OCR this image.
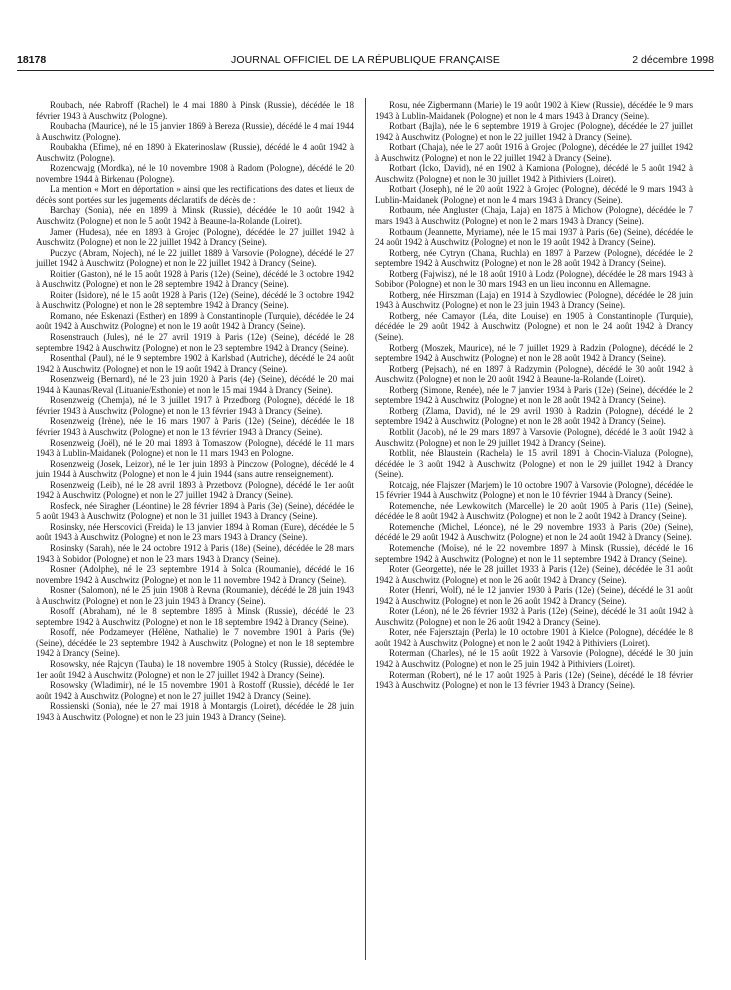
18178	JOURNAL OFFICIEL DE LA RÉPUBLIQUE FRANÇAISE	2 décembre 1998

Roubach, née Rabroff (Rachel) le 4 mai 1880 à Pinsk (Russie), décédée le 18 février 1943 à Auschwitz (Pologne).

Roubacha (Maurice), né le 15 janvier 1869 à Bereza (Russie), décédé le 4 mai 1944 à Auschwitz (Pologne).

Roubakha (Efime), né en 1890 à Ekaterinoslaw (Russie), décédé le 4 août 1942 à Auschwitz (Pologne).

Rozencwajg (Mordka), né le 10 novembre 1908 à Radom (Pologne), décédé le 20 novembre 1944 à Birkenau (Pologne).

La mention « Mort en déportation » ainsi que les rectifications des dates et lieux de décès sont portées sur les jugements déclaratifs de décès de :

Barchay (Sonia), née en 1899 à Minsk (Russie), décédée le 10 août 1942 à Auschwitz (Pologne) et non le 5 août 1942 à Beaune-la-Rolande (Loiret).

Jamer (Hudesa), née en 1893 à Grojec (Pologne), décédée le 27 juillet 1942 à Auschwitz (Pologne) et non le 22 juillet 1942 à Drancy (Seine).

Puczyc (Abram, Nojech), né le 22 juillet 1889 à Varsovie (Pologne), décédé le 27 juillet 1942 à Auschwitz (Pologne) et non le 22 juillet 1942 à Drancy (Seine).

Roitier (Gaston), né le 15 août 1928 à Paris (12e) (Seine), décédé le 3 octobre 1942 à Auschwitz (Pologne) et non le 28 septembre 1942 à Drancy (Seine).

Roiter (Isidore), né le 15 août 1928 à Paris (12e) (Seine), décédé le 3 octobre 1942 à Auschwitz (Pologne) et non le 28 septembre 1942 à Drancy (Seine).

Romano, née Eskenazi (Esther) en 1899 à Constantinople (Turquie), décédée le 24 août 1942 à Auschwitz (Pologne) et non le 19 août 1942 à Drancy (Seine).

Rosenstrauch (Jules), né le 27 avril 1919 à Paris (12e) (Seine), décédé le 28 septembre 1942 à Auschwitz (Pologne) et non le 23 septembre 1942 à Drancy (Seine).

Rosenthal (Paul), né le 9 septembre 1902 à Karlsbad (Autriche), décédé le 24 août 1942 à Auschwitz (Pologne) et non le 19 août 1942 à Drancy (Seine).

Rosenzweig (Bernard), né le 23 juin 1920 à Paris (4e) (Seine), décédé le 20 mai 1944 à Kaunas/Reval (Lituanie/Esthonie) et non le 15 mai 1944 à Drancy (Seine).

Rosenzweig (Chemja), né le 3 juillet 1917 à Przedborg (Pologne), décédé le 18 février 1943 à Auschwitz (Pologne) et non le 13 février 1943 à Drancy (Seine).

Rosenzweig (Irène), née le 16 mars 1907 à Paris (12e) (Seine), décédée le 18 février 1943 à Auschwitz (Pologne) et non le 13 février 1943 à Drancy (Seine).

Rosenzweig (Joël), né le 20 mai 1893 à Tomaszow (Pologne), décédé le 11 mars 1943 à Lublin-Maidanek (Pologne) et non le 11 mars 1943 en Pologne.

Rosenzweig (Josek, Leizor), né le 1er juin 1893 à Pinczow (Pologne), décédé le 4 juin 1944 à Auschwitz (Pologne) et non le 4 juin 1944 (sans autre renseignement).

Rosenzweig (Leib), né le 28 avril 1893 à Przetbovz (Pologne), décédé le 1er août 1942 à Auschwitz (Pologne) et non le 27 juillet 1942 à Drancy (Seine).

Rosfeck, née Siragher (Léontine) le 28 février 1894 à Paris (3e) (Seine), décédée le 5 août 1943 à Auschwitz (Pologne) et non le 31 juillet 1943 à Drancy (Seine).

Rosinsky, née Herscovici (Freida) le 13 janvier 1894 à Roman (Eure), décédée le 5 août 1943 à Auschwitz (Pologne) et non le 23 mars 1943 à Drancy (Seine).

Rosinsky (Sarah), née le 24 octobre 1912 à Paris (18e) (Seine), décédée le 28 mars 1943 à Sobidor (Pologne) et non le 23 mars 1943 à Drancy (Seine).

Rosner (Adolphe), né le 23 septembre 1914 à Solca (Roumanie), décédé le 16 novembre 1942 à Auschwitz (Pologne) et non le 11 novembre 1942 à Drancy (Seine).

Rosner (Salomon), né le 25 juin 1908 à Revna (Roumanie), décédé le 28 juin 1943 à Auschwitz (Pologne) et non le 23 juin 1943 à Drancy (Seine).

Rosoff (Abraham), né le 8 septembre 1895 à Minsk (Russie), décédé le 23 septembre 1942 à Auschwitz (Pologne) et non le 18 septembre 1942 à Drancy (Seine).

Rosoff, née Podzameyer (Hélène, Nathalie) le 7 novembre 1901 à Paris (9e) (Seine), décédée le 23 septembre 1942 à Auschwitz (Pologne) et non le 18 septembre 1942 à Drancy (Seine).

Rosowsky, née Rajcyn (Tauba) le 18 novembre 1905 à Stolcy (Russie), décédée le 1er août 1942 à Auschwitz (Pologne) et non le 27 juillet 1942 à Drancy (Seine).

Rosowsky (Wladimir), né le 15 novembre 1901 à Rostoff (Russie), décédé le 1er août 1942 à Auschwitz (Pologne) et non le 27 juillet 1942 à Drancy (Seine).

Rossienski (Sonia), née le 27 mai 1918 à Montargis (Loiret), décédée le 28 juin 1943 à Auschwitz (Pologne) et non le 23 juin 1943 à Drancy (Seine).

Rosu, née Zigbermann (Marie) le 19 août 1902 à Kiew (Russie), décédée le 9 mars 1943 à Lublin-Maidanek (Pologne) et non le 4 mars 1943 à Drancy (Seine).

Rotbart (Bajla), née le 6 septembre 1919 à Grojec (Pologne), décédée le 27 juillet 1942 à Auschwitz (Pologne) et non le 22 juillet 1942 à Drancy (Seine).

Rotbart (Chaja), née le 27 août 1916 à Grojec (Pologne), décédée le 27 juillet 1942 à Auschwitz (Pologne) et non le 22 juillet 1942 à Drancy (Seine).

Rotbart (Icko, David), né en 1902 à Kamiona (Pologne), décédé le 5 août 1942 à Auschwitz (Pologne) et non le 30 juillet 1942 à Pithiviers (Loiret).

Rotbart (Joseph), né le 20 août 1922 à Grojec (Pologne), décédé le 9 mars 1943 à Lublin-Maidanek (Pologne) et non le 4 mars 1943 à Drancy (Seine).

Rotbaum, née Angluster (Chaja, Laja) en 1875 à Michow (Pologne), décédée le 7 mars 1943 à Auschwitz (Pologne) et non le 2 mars 1943 à Drancy (Seine).

Rotbaum (Jeannette, Myriame), née le 15 mai 1937 à Paris (6e) (Seine), décédée le 24 août 1942 à Auschwitz (Pologne) et non le 19 août 1942 à Drancy (Seine).

Rotberg, née Cytryn (Chana, Ruchla) en 1897 à Parzew (Pologne), décédée le 2 septembre 1942 à Auschwitz (Pologne) et non le 28 août 1942 à Drancy (Seine).

Rotberg (Fajwisz), né le 18 août 1910 à Lodz (Pologne), décédée le 28 mars 1943 à Sobibor (Pologne) et non le 30 mars 1943 en un lieu inconnu en Allemagne.

Rotberg, née Hirszman (Laja) en 1914 à Szydlowiec (Pologne), décédée le 28 juin 1943 à Auschwitz (Pologne) et non le 23 juin 1943 à Drancy (Seine).

Rotberg, née Camayor (Léa, dite Louise) en 1905 à Constantinople (Turquie), décédée le 29 août 1942 à Auschwitz (Pologne) et non le 24 août 1942 à Drancy (Seine).

Rotberg (Moszek, Maurice), né le 7 juillet 1929 à Radzin (Pologne), décédé le 2 septembre 1942 à Auschwitz (Pologne) et non le 28 août 1942 à Drancy (Seine).

Rotberg (Pejsach), né en 1897 à Radzymin (Pologne), décédé le 30 août 1942 à Auschwitz (Pologne) et non le 20 août 1942 à Beaune-la-Rolande (Loiret).

Rotberg (Simone, Renée), née le 7 janvier 1934 à Paris (12e) (Seine), décédée le 2 septembre 1942 à Auschwitz (Pologne) et non le 28 août 1942 à Drancy (Seine).

Rotberg (Zlama, David), né le 29 avril 1930 à Radzin (Pologne), décédé le 2 septembre 1942 à Auschwitz (Pologne) et non le 28 août 1942 à Drancy (Seine).

Rotblit (Jacob), né le 29 mars 1897 à Varsovie (Pologne), décédé le 3 août 1942 à Auschwitz (Pologne) et non le 29 juillet 1942 à Drancy (Seine).

Rotblit, née Blaustein (Rachela) le 15 avril 1891 à Chocin-Vialuza (Pologne), décédée le 3 août 1942 à Auschwitz (Pologne) et non le 29 juillet 1942 à Drancy (Seine).

Rotcajg, née Flajszer (Marjem) le 10 octobre 1907 à Varsovie (Pologne), décédée le 15 février 1944 à Auschwitz (Pologne) et non le 10 février 1944 à Drancy (Seine).

Rotemenche, née Lewkowitch (Marcelle) le 20 août 1905 à Paris (11e) (Seine), décédée le 8 août 1942 à Auschwitz (Pologne) et non le 2 août 1942 à Drancy (Seine).

Rotemenche (Michel, Léonce), né le 29 novembre 1933 à Paris (20e) (Seine), décédé le 29 août 1942 à Auschwitz (Pologne) et non le 24 août 1942 à Drancy (Seine).

Rotemenche (Moïse), né le 22 novembre 1897 à Minsk (Russie), décédé le 16 septembre 1942 à Auschwitz (Pologne) et non le 11 septembre 1942 à Drancy (Seine).

Roter (Georgette), née le 28 juillet 1933 à Paris (12e) (Seine), décédée le 31 août 1942 à Auschwitz (Pologne) et non le 26 août 1942 à Drancy (Seine).

Roter (Henri, Wolf), né le 12 janvier 1930 à Paris (12e) (Seine), décédé le 31 août 1942 à Auschwitz (Pologne) et non le 26 août 1942 à Drancy (Seine).

Roter (Léon), né le 26 février 1932 à Paris (12e) (Seine), décédé le 31 août 1942 à Auschwitz (Pologne) et non le 26 août 1942 à Drancy (Seine).

Roter, née Fajersztajn (Perla) le 10 octobre 1901 à Kielce (Pologne), décédée le 8 août 1942 à Auschwitz (Pologne) et non le 2 août 1942 à Pithiviers (Loiret).

Roterman (Charles), né le 15 août 1922 à Varsovie (Pologne), décédé le 30 juin 1942 à Auschwitz (Pologne) et non le 25 juin 1942 à Pithiviers (Loiret).

Roterman (Robert), né le 17 août 1925 à Paris (12e) (Seine), décédé le 18 février 1943 à Auschwitz (Pologne) et non le 13 février 1943 à Drancy (Seine).
